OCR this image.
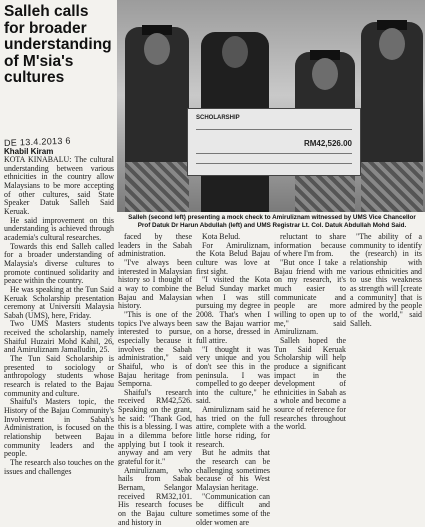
Salleh calls for broader understanding of M'sia's cultures
SCHOLARSHIP
RM42,526.00
Salleh (second left) presenting a mock check to Amiruliznam witnessed by UMS Vice Chancellor Prof Datuk Dr Harun Abdullah (left) and UMS Registrar Lt. Col. Datuk Abdullah Mohd Said.
DE 13.4.2013 6
Khabil Kiram

KOTA KINABALU: The cultural understanding between various ethnicities in the country allow Malaysians to be more accepting of other cultures, said State Speaker Datuk Salleh Said Keruak.

He said improvement on this understanding is achieved through academia's cultural researches.

Towards this end Salleh called for a broader understanding of Malaysia's diverse cultures to promote continued solidarity and peace within the country.

He was speaking at the Tun Said Keruak Scholarship presentation ceremony at Universiti Malaysia Sabah (UMS), here, Friday.

Two UMS Masters students received the scholarship, namely Shaiful Huzairi Mohd Kahil, 26, and Amiruliznam Jamalludin, 25.

The Tun Said Scholarship is presented to sociology or anthropology students whose research is related to the Bajau community and culture.

Shaiful's Masters topic, the History of the Bajau Community's Involvement in Sabah's Administration, is focused on the relationship between Bajau community leaders and the people.

The research also touches on the issues and challenges

faced by these leaders in the Sabah administration.

"I've always been interested in Malaysian history so I thought of a way to combine the Bajau and Malaysian history.

"This is one of the topics I've always been interested to pursue, especially because it involves the Sabah administration," said Shaiful, who is of Bajau heritage from Semporna.

Shaiful's research received RM42,526. Speaking on the grant, he said: "Thank God, this is a blessing. I was in a dilemma before applying but I took it anyway and am very grateful for it."

Amiruliznam, who hails from Sabak Bernam, Selangor received RM32,101. His research focuses on the Bajau culture and history in

Kota Belud.

For Amiruliznam, the Kota Belud Bajau culture was love at first sight.

"I visited the Kota Belud Sunday market when I was still pursuing my degree in 2008. That's when I saw the Bajau warrior on a horse, dressed in full attire.

"I thought it was very unique and you don't see this in the peninsula. I was compelled to go deeper into the culture," he said.

Amiruliznam said he has tried on the full attire, complete with a little horse riding, for research.

But he admits that the research can be challenging sometimes because of his West Malaysian heritage.

"Communication can be difficult and sometimes some of the older women are

reluctant to share information because of where I'm from.

"But once I take a Bajau friend with me on my research, it's much easier to communicate and people are more willing to open up to me," said Amiruliznam.

Salleh hoped the Tun Said Keruak Scholarship will help produce a significant impact in the development of ethnicities in Sabah as a whole and become a source of reference for researches throughout the world.

"The ability of a community to identify the (research) in its relationship with various ethnicities and to use this weakness as strength will [create a community] that is admired by the people of the world," said Salleh.
